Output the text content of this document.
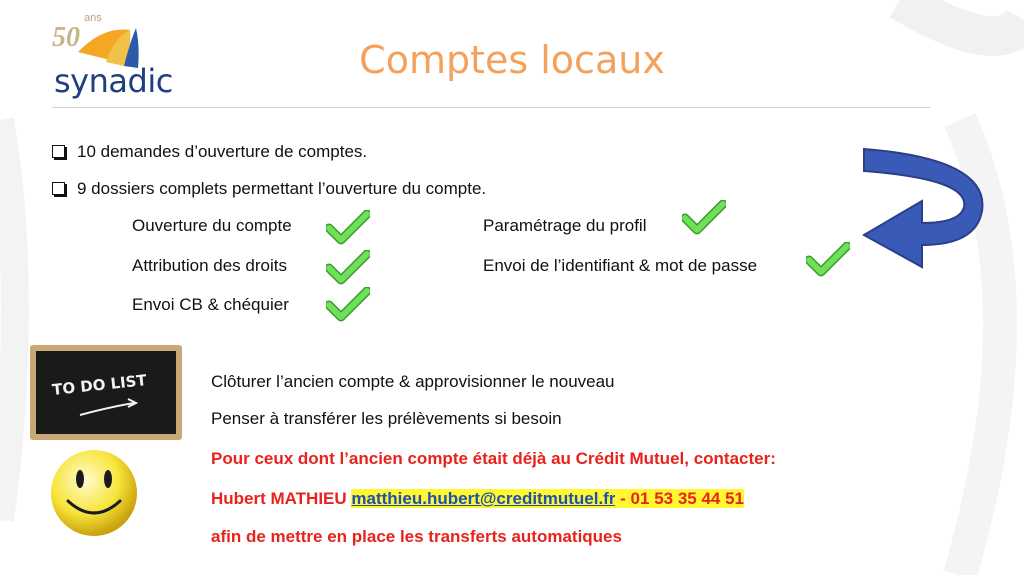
5 0
ans
synadic	Comptes locaux
10 demandes d’ouverture de comptes.
9 dossiers complets permettant l’ouverture du compte.
Ouverture du compte
Attribution des droits
Envoi CB & chéquier
Paramétrage du profil
Envoi de l’identifiant & mot de passe
TO DO LIST	Clôturer l’ancien compte & approvisionner le nouveau
Penser à transférer les prélèvements si besoin
Pour ceux dont l’ancien compte était déjà au Crédit Mutuel, contacter:
Hubert MATHIEU matthieu.hubert@creditmutuel.fr - 01 53 35 44 51
afin de mettre en place les transferts automatiques
